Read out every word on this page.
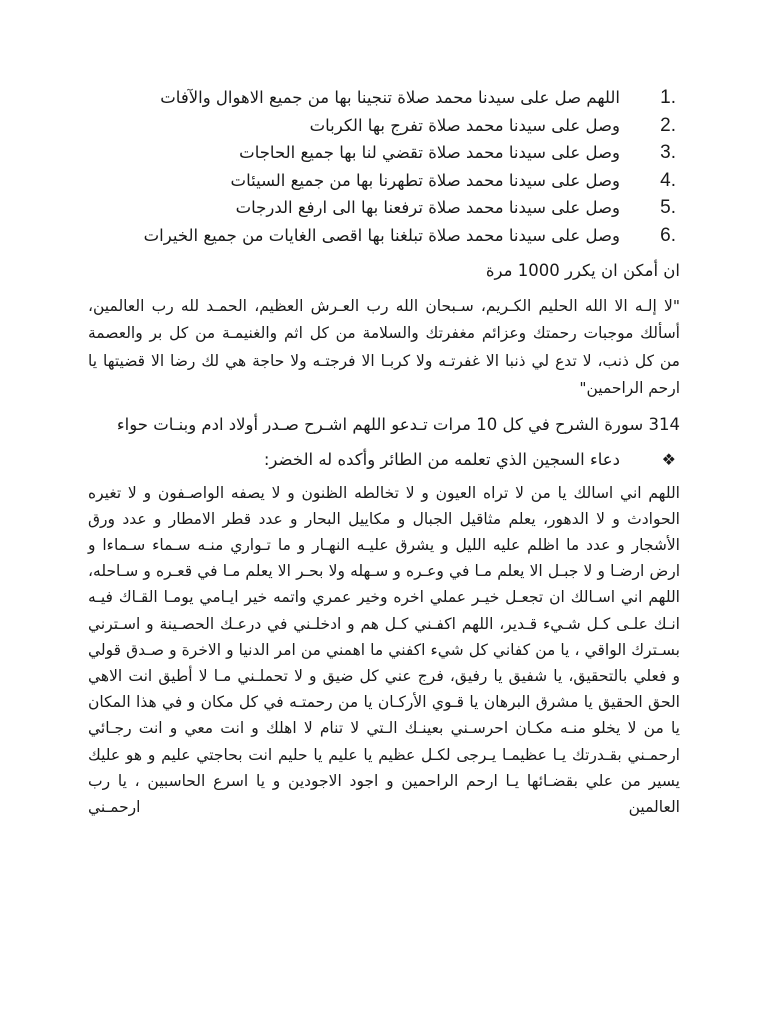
1.
اللهم صل على سيدنا محمد صلاة تنجينا بها من جميع الاهوال والآفات
2.
وصل على سيدنا محمد صلاة تفرج بها الكربات
3.
وصل على سيدنا محمد صلاة تقضي لنا بها جميع الحاجات
4.
وصل على سيدنا محمد صلاة تطهرنا بها من جميع السيئات
5.
وصل على سيدنا محمد صلاة ترفعنا بها الى ارفع الدرجات
6.
وصل على سيدنا محمد صلاة تبلغنا بها اقصى الغايات من جميع الخيرات

ان أمكن ان يكرر 1000 مرة

"لا إلـه الا الله الحليم الكـريم، سـبحان الله رب العـرش العظيم، الحمـد لله رب العالمين، أسألك موجبات رحمتك وعزائم مغفرتك والسلامة من كل اثم والغنيمـة من كل بر والعصمة من كل ذنب، لا تدع لي ذنبا الا غفرتـه ولا كربـا الا فرجتـه ولا حاجة هي لك رضا الا قضيتها يا ارحم الراحمين"

314 سورة الشرح في كل 10 مرات تـدعو اللهم اشـرح صـدر أولاد ادم وبنـات حواء

❖
دعاء السجين الذي تعلمه من الطائر وأكده له الخضر:

اللهم اني اسالك يا من لا تراه العيون و لا تخالطه الظنون و لا يصفه الواصـفون و لا تغيره الحوادث و لا الدهور، يعلم مثاقيل الجبال و مكاييل البحار و عدد قطر الامطار و عدد ورق الأشجار و عدد ما اظلم عليه الليل و يشرق عليـه النهـار و ما تـواري منـه سـماء سـماءا و ارض ارضـا و لا جبـل الا يعلم مـا في وعـره و سـهله ولا بحـر الا يعلم مـا في قعـره و سـاحله، اللهم اني اسـالك ان تجعـل خيـر عملي اخره وخير عمري واتمه خير ايـامي يومـا القـاك فيـه انـك علـى كـل شـيء قـدير، اللهم اكفـني كـل هم و ادخلـني في درعـك الحصـينة و اسـترني بسـترك الواقي ، يا من كفاني كل شيء اكفني ما اهمني من امر الدنيا و الاخرة و صـدق قولي و فعلي بالتحقيق، يا شفيق يا رفيق، فرج عني كل ضيق و لا تحملـني مـا لا أطيق انت الاهي الحق الحقيق يا مشرق البرهان يا قـوي الأركـان يا من رحمتـه في كل مكان و في هذا المكان يا من لا يخلو منـه مكـان احرسـني بعينـك الـتي لا تنام لا اهلك و انت معي و انت رجـائي ارحمـني بقـدرتك يـا عظيمـا يـرجى لكـل عظيم يا عليم يا حليم انت بحاجتي عليم و هو عليك يسير من علي بقضـائها يـا ارحم الراحمين و اجود الاجودين و يا اسرع الحاسبين ، يا رب العالمين ارحمـني
